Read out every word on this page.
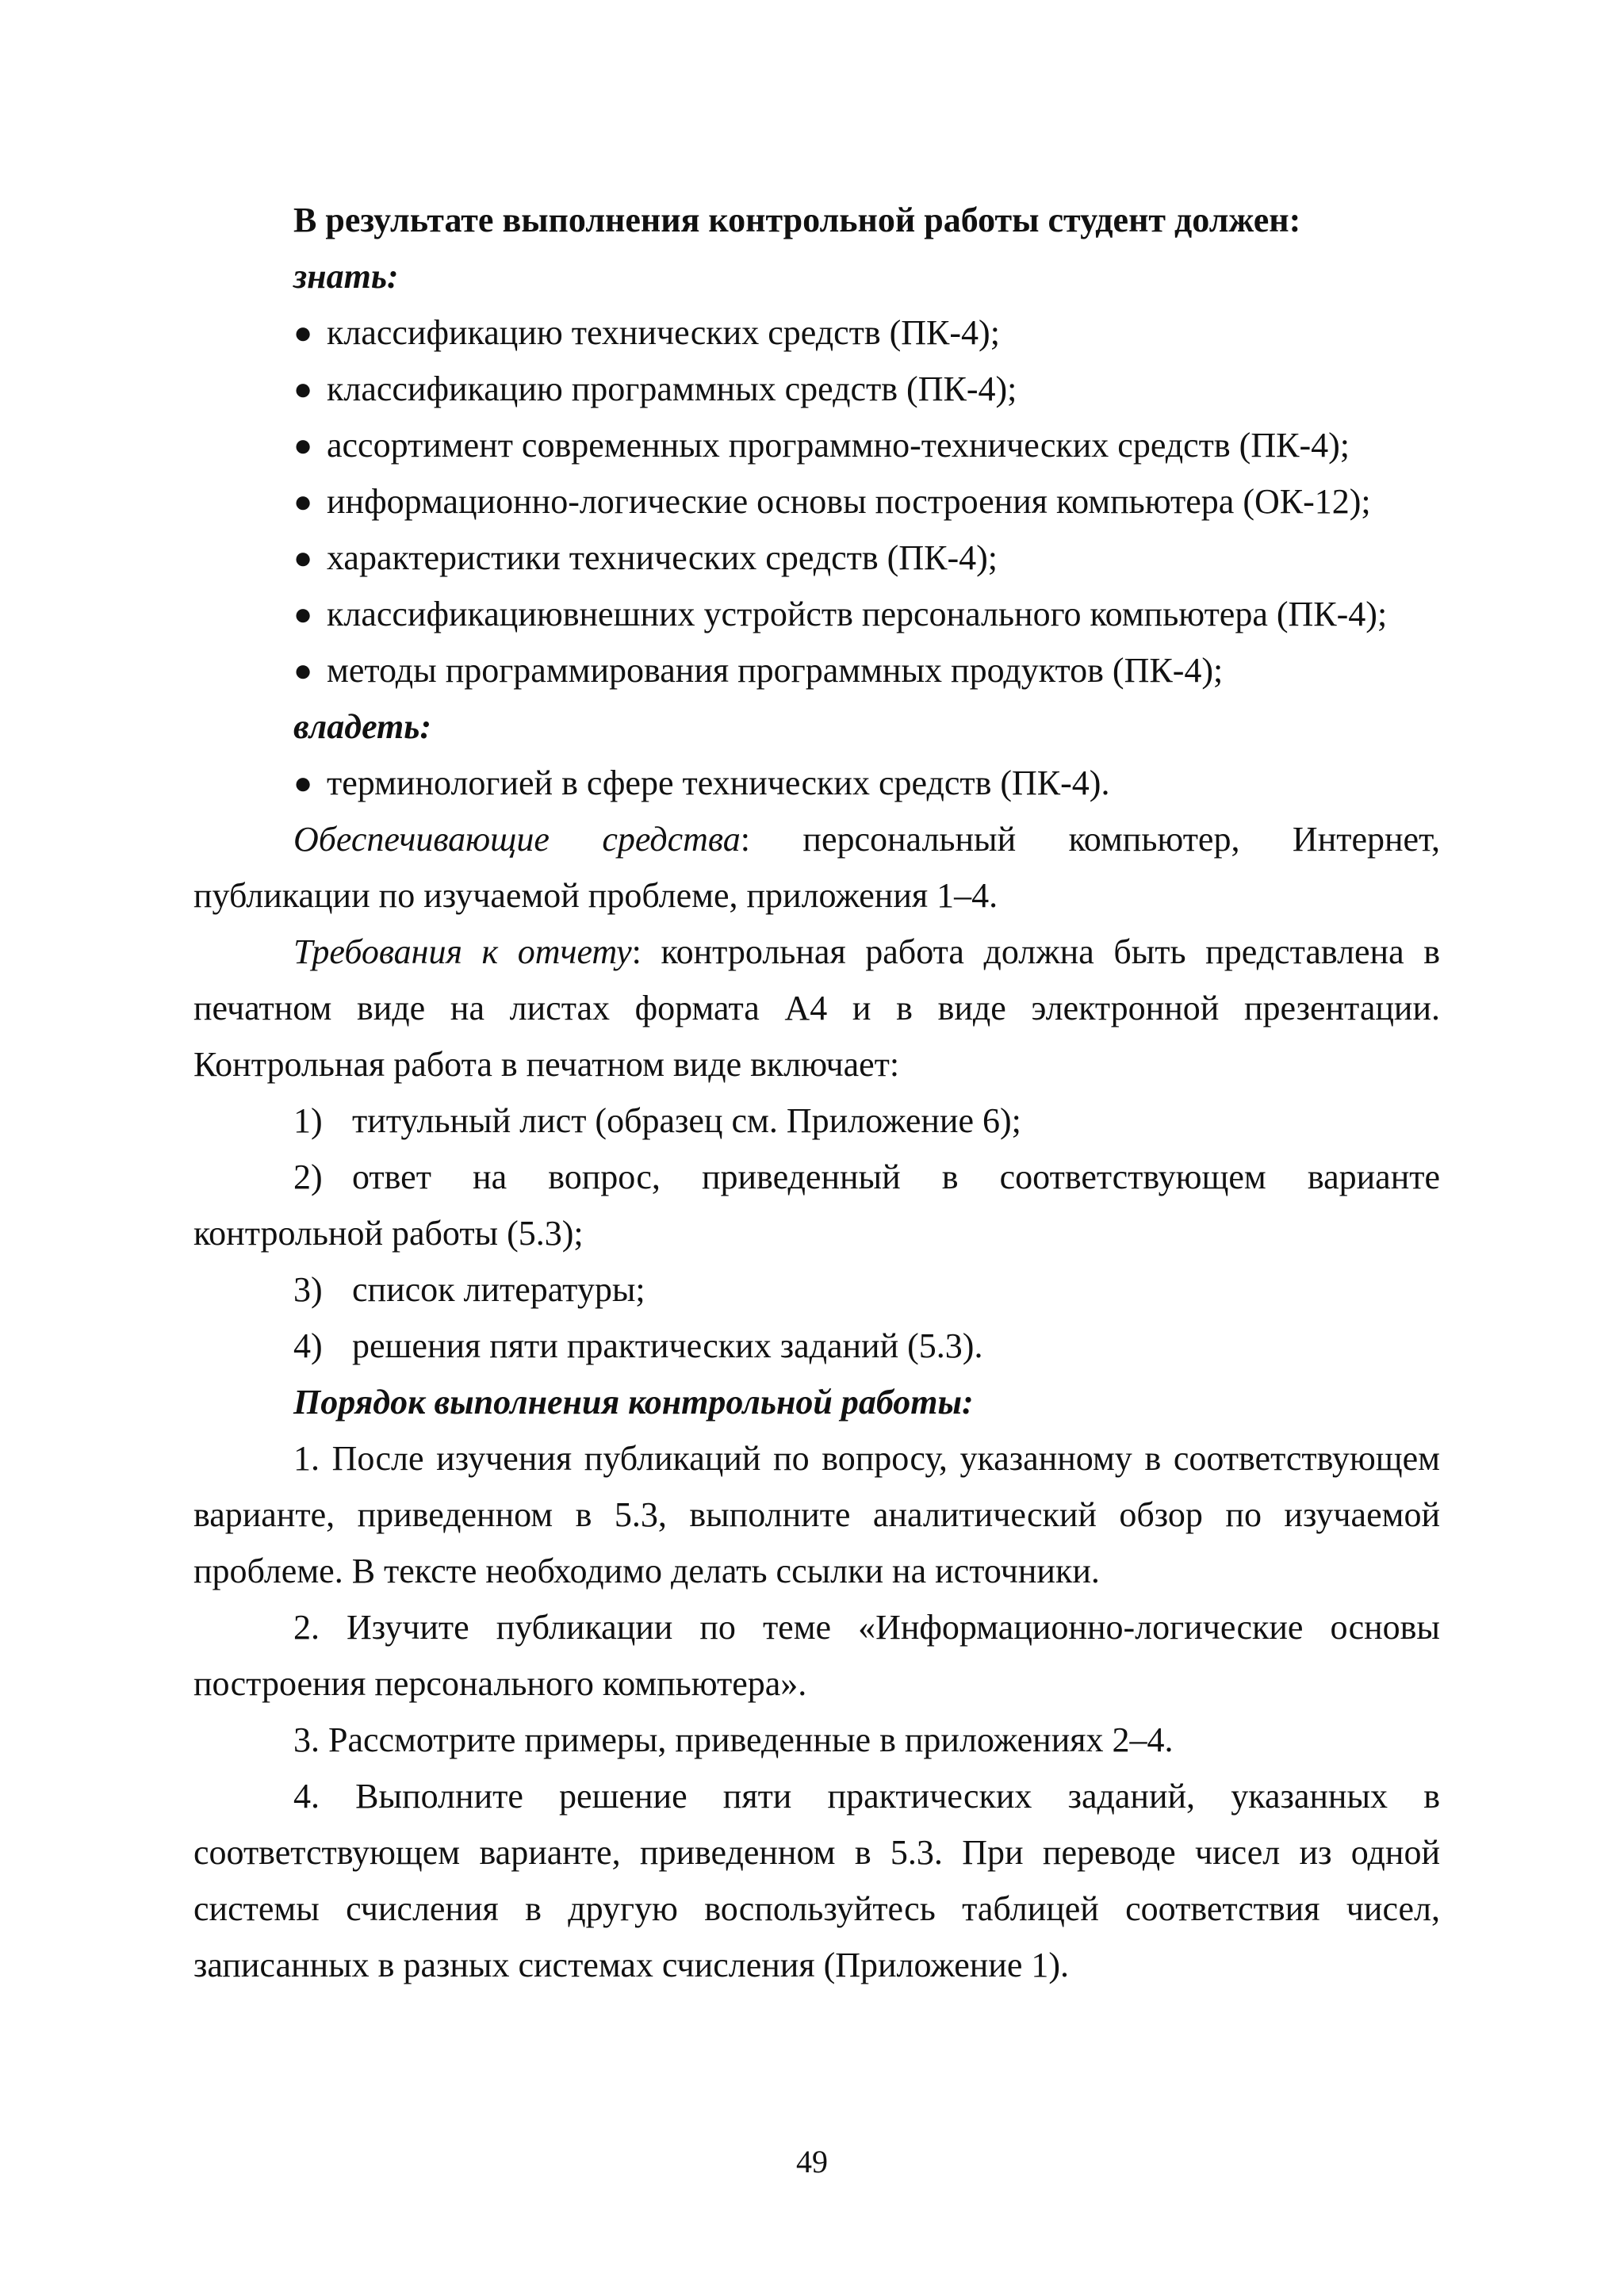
В результате выполнения контрольной работы студент должен:

знать:

● классификацию технических средств (ПК-4);

● классификацию программных средств (ПК-4);

● ассортимент современных программно-технических средств (ПК-4);

● информационно-логические основы построения компьютера (ОК-12);

● характеристики технических средств (ПК-4);

● классификациювнешних устройств персонального компьютера (ПК-4);

● методы программирования программных продуктов (ПК-4);

владеть:

● терминологией в сфере технических средств (ПК-4).

Обеспечивающие средства: персональный компьютер, Интернет, публикации по изучаемой проблеме, приложения 1–4.

Требования к отчету: контрольная работа должна быть представлена в печатном виде на листах формата А4 и в виде электронной презентации. Контрольная работа в печатном виде включает:

1) титульный лист (образец см. Приложение 6);

2) ответ на вопрос, приведенный в соответствующем варианте контрольной работы (5.3);

3) список литературы;

4) решения пяти практических заданий (5.3).

Порядок выполнения контрольной работы:

1. После изучения публикаций по вопросу, указанному в соответствующем варианте, приведенном в 5.3, выполните аналитический обзор по изучаемой проблеме. В тексте необходимо делать ссылки на источники.

2. Изучите публикации по теме «Информационно-логические основы построения персонального компьютера».

3. Рассмотрите примеры, приведенные в приложениях 2–4.

4. Выполните решение пяти практических заданий, указанных в соответствующем варианте, приведенном в 5.3. При переводе чисел из одной системы счисления в другую воспользуйтесь таблицей соответствия чисел, записанных в разных системах счисления (Приложение 1).

49
